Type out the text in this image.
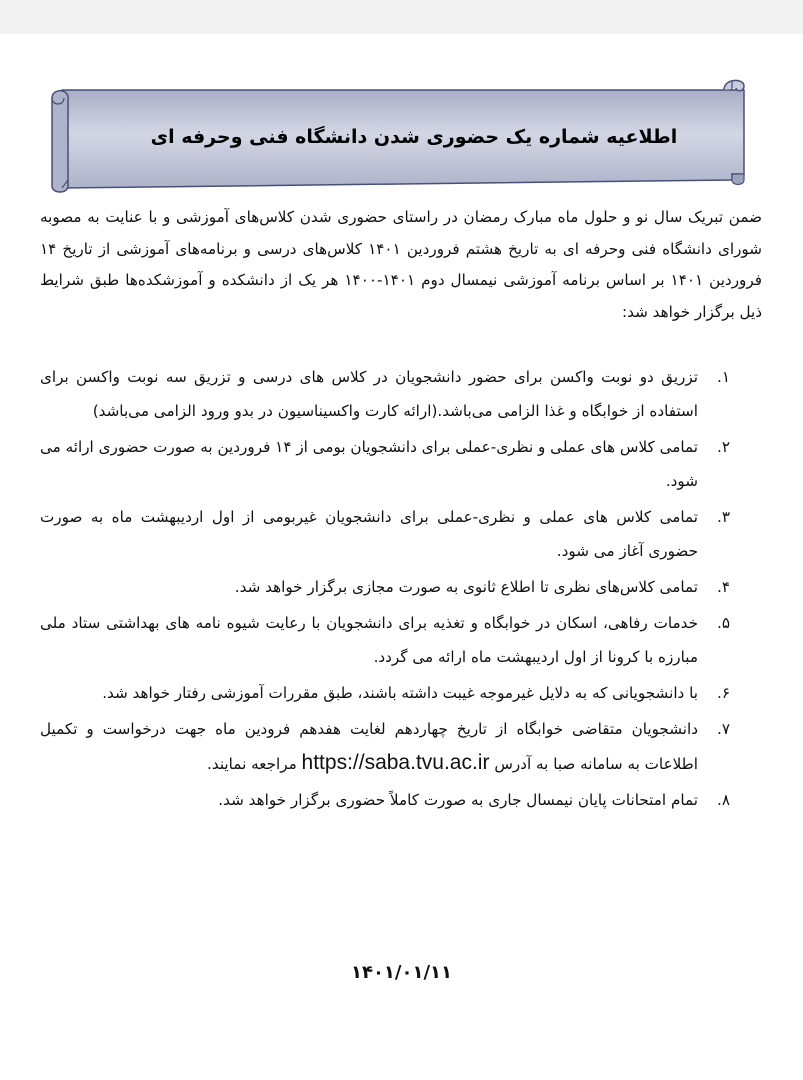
اطلاعیه شماره یک حضوری شدن دانشگاه فنی وحرفه ای

ضمن تبریک سال نو و حلول ماه مبارک رمضان در راستای حضوری شدن کلاس‌های آموزشی و با عنایت به مصوبه شورای دانشگاه فنی وحرفه ای به تاریخ هشتم فروردین ۱۴۰۱ کلاس‌های درسی و برنامه‌های آموزشی از تاریخ ۱۴ فروردین ۱۴۰۱ بر اساس برنامه آموزشی نیمسال دوم ۱۴۰۱-۱۴۰۰ هر یک از دانشکده و آموزشکده‌ها طبق شرایط ذیل برگزار خواهد شد:

۱.
تزریق دو نوبت واکسن برای حضور دانشجویان در کلاس های درسی و تزریق سه نوبت واکسن برای استفاده از خوابگاه و غذا الزامی می‌باشد.(ارائه کارت واکسیناسیون در بدو ورود الزامی می‌باشد)
۲.
تمامی کلاس های عملی و نظری-عملی برای دانشجویان بومی از ۱۴ فروردین به صورت حضوری ارائه می شود.
۳.
تمامی کلاس های عملی و نظری-عملی برای دانشجویان غیربومی از اول اردیبهشت ماه به صورت حضوری آغاز می شود.
۴.
تمامی کلاس‌های نظری تا اطلاع ثانوی به صورت مجازی برگزار خواهد شد.
۵.
خدمات رفاهی، اسکان در خوابگاه و تغذیه برای دانشجویان با رعایت شیوه نامه های بهداشتی ستاد ملی مبارزه با کرونا از اول اردیبهشت ماه ارائه می گردد.
۶.
با دانشجویانی که به دلایل غیرموجه غیبت داشته باشند، طبق مقررات آموزشی رفتار خواهد شد.
۷.
دانشجویان متقاضی خوابگاه از تاریخ چهاردهم لغایت هفدهم فرودین ماه جهت درخواست و تکمیل اطلاعات به سامانه صبا به آدرس https://saba.tvu.ac.ir مراجعه نمایند.
۸.
تمام امتحانات پایان نیمسال جاری به صورت کاملاً حضوری برگزار خواهد شد.
۱۴۰۱/۰۱/۱۱
